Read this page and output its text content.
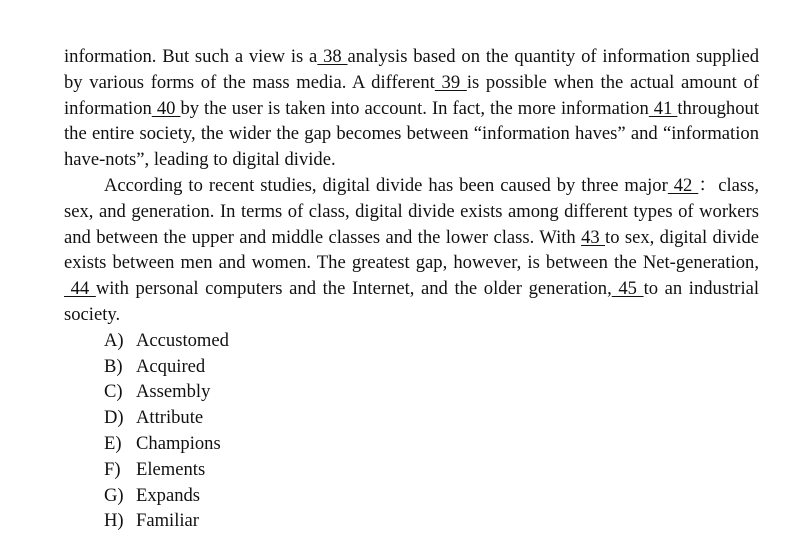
information. But such a view is a 38 analysis based on the quantity of information supplied by various forms of the mass media. A different 39 is possible when the actual amount of information 40 by the user is taken into account. In fact, the more information 41 throughout the entire society, the wider the gap becomes between “information haves” and “information have-nots”, leading to digital divide.

According to recent studies, digital divide has been caused by three major 42 ：class, sex, and generation. In terms of class, digital divide exists among different types of workers and between the upper and middle classes and the lower class. With 43 to sex, digital divide exists between men and women. The greatest gap, however, is between the Net-generation, 44 with personal computers and the Internet, and the older generation, 45 to an industrial society.

A) Accustomed
B) Acquired
C) Assembly
D) Attribute
E) Champions
F) Elements
G) Expands
H) Familiar
